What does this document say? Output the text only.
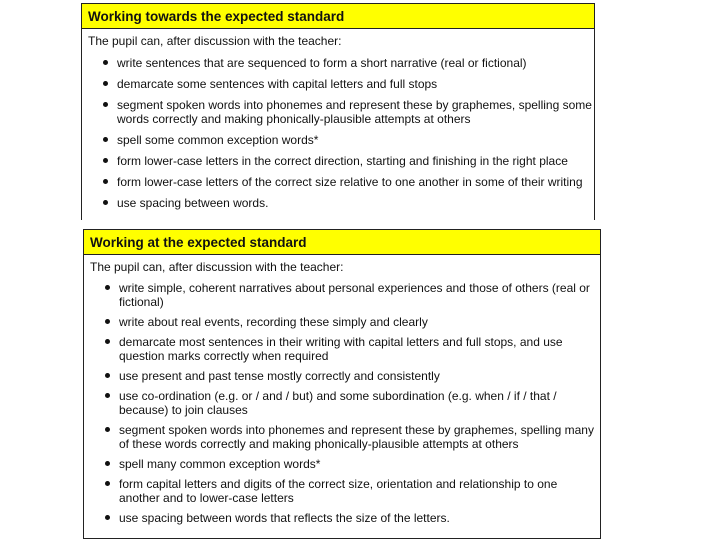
Working towards the expected standard
The pupil can, after discussion with the teacher:
write sentences that are sequenced to form a short narrative (real or fictional)
demarcate some sentences with capital letters and full stops
segment spoken words into phonemes and represent these by graphemes, spelling some words correctly and making phonically-plausible attempts at others
spell some common exception words*
form lower-case letters in the correct direction, starting and finishing in the right place
form lower-case letters of the correct size relative to one another in some of their writing
use spacing between words.
Working at the expected standard
The pupil can, after discussion with the teacher:
write simple, coherent narratives about personal experiences and those of others (real or fictional)
write about real events, recording these simply and clearly
demarcate most sentences in their writing with capital letters and full stops, and use question marks correctly when required
use present and past tense mostly correctly and consistently
use co-ordination (e.g. or / and / but) and some subordination (e.g. when / if / that / because) to join clauses
segment spoken words into phonemes and represent these by graphemes, spelling many of these words correctly and making phonically-plausible attempts at others
spell many common exception words*
form capital letters and digits of the correct size, orientation and relationship to one another and to lower-case letters
use spacing between words that reflects the size of the letters.
